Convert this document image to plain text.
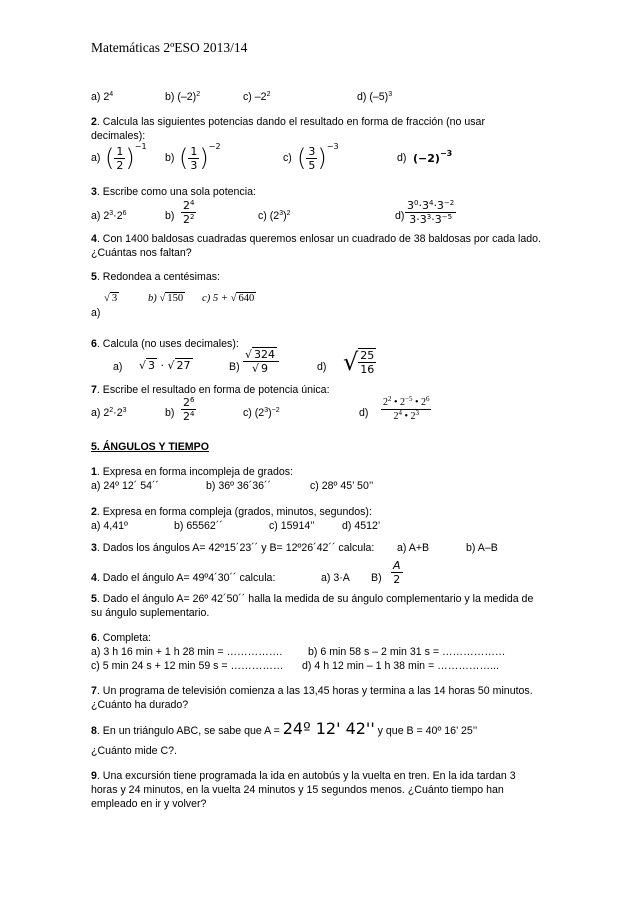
Matemáticas 2ºESO 2013/14
a) $2^4$	b) $(-2)^2$	c) $-2^2$	d) $(-5)^3$
2. Calcula las siguientes potencias dando el resultado en forma de fracción (no usar
decimales):
a) ( $\frac{1}{2} )^{-1}$
b) ( $\frac{1}{3} )^{-2}$
c) ( $\frac{3}{5} )^{-3}$
d) $(-2)^{-3}$
3. Escribe como una sola potencia:
a) $2^3\cdot 2^6$	$b) \frac{2^4}{2^2}$	c) $(2^3)^2$	$d) \frac{3^0\cdot 3^4\cdot 3^{-2}}{3\cdot 3^3\cdot 3^{-5}}$
4. Con 1400 baldosas cuadradas queremos enlosar un cuadrado de 38 baldosas por cada lado.
¿Cuántas nos faltan?
5. Redondea a centésimas:
a)
√ 3	b) √ 150 c) 5 + √ 640
6. Calcula (no uses decimales):
a) √ 3 · √ 27	$B) \frac{√ 324}{√ 9}$	d) √ $\frac{25}{16}$
7. Escribe el resultado en forma de potencia única:
a) $2^2\cdot 2^3$	$b) \frac{2^6}{2^4}$	c) $(2^3)^{-2}$	$d) \frac{2^2 • 2^{-5} • 2^6}{2^4 • 2^3}$
5. ÁNGULOS Y TIEMPO
1. Expresa en forma incompleja de grados:
a) 24º 12´ 54´´	b) 36º 36´36´´	c) 28º 45’ 50’’
2. Expresa en forma compleja (grados, minutos, segundos):
a) 4,41º	b) 65562´´	c) 15914’’	d) 4512’
3. Dados los ángulos A= 42º15´23´´ y B= 12º26´42´´ calcula: a) A+B	b) A–B
4. Dado el ángulo A= 49º4´30´´ calcula:	a) 3·A $B) \frac{A}{2}$
5. Dado el ángulo A= 26º 42´50´´ halla la medida de su ángulo complementario y la medida de
su ángulo suplementario.
6. Completa:
a) 3 h 16 min + 1 h 28 min = ……………. b) 6 min 58 s – 2 min 31 s = ………………
c) 5 min 24 s + 12 min 59 s = …………… d) 4 h 12 min – 1 h 38 min = ……………...
7. Un programa de televisión comienza a las 13,45 horas y termina a las 14 horas 50 minutos.
¿Cuánto ha durado?
8. En un triángulo ABC, se sabe que A = 24º 12' 42'' y que B = 40º 16’ 25’’
¿Cuánto mide C?.
9. Una excursión tiene programada la ida en autobús y la vuelta en tren. En la ida tardan 3
horas y 24 minutos, en la vuelta 24 minutos y 15 segundos menos. ¿Cuánto tiempo han
empleado en ir y volver?
